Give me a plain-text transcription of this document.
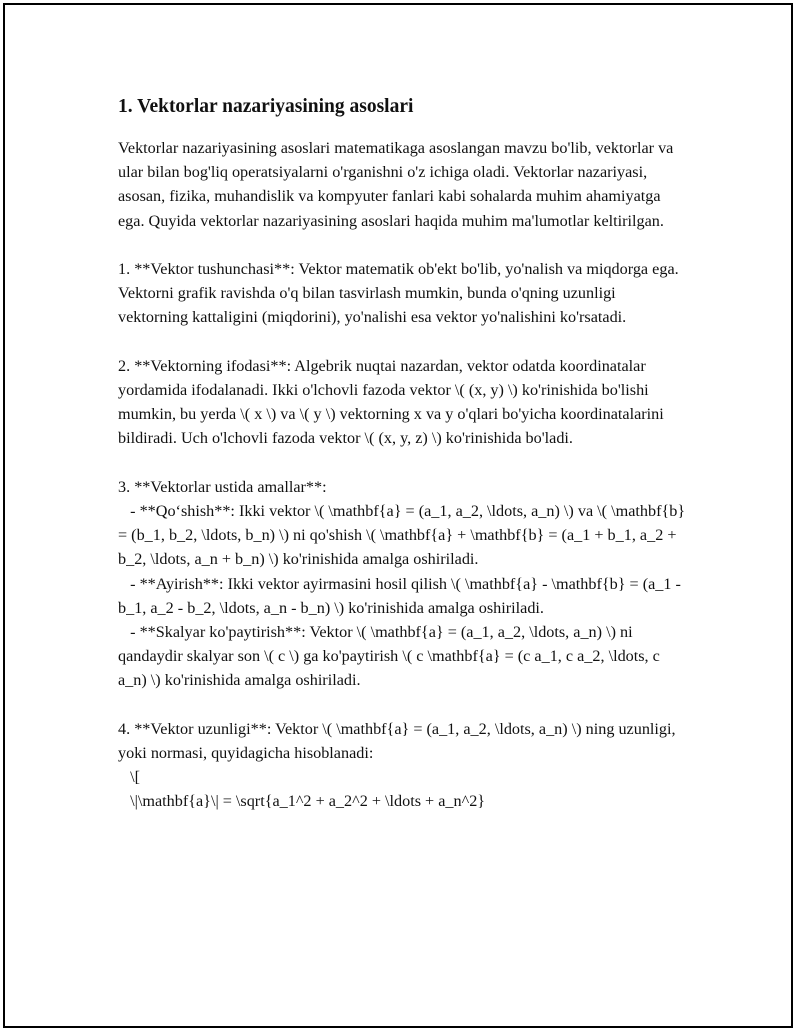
1. Vektorlar nazariyasining asoslari

Vektorlar nazariyasining asoslari matematikaga asoslangan mavzu bo'lib, vektorlar va ular bilan bog'liq operatsiyalarni o'rganishni o'z ichiga oladi. Vektorlar nazariyasi, asosan, fizika, muhandislik va kompyuter fanlari kabi sohalarda muhim ahamiyatga ega. Quyida vektorlar nazariyasining asoslari haqida muhim ma'lumotlar keltirilgan.

1. **Vektor tushunchasi**: Vektor matematik ob'ekt bo'lib, yo'nalish va miqdorga ega. Vektorni grafik ravishda o'q bilan tasvirlash mumkin, bunda o'qning uzunligi vektorning kattaligini (miqdorini), yo'nalishi esa vektor yo'nalishini ko'rsatadi.

2. **Vektorning ifodasi**: Algebrik nuqtai nazardan, vektor odatda koordinatalar yordamida ifodalanadi. Ikki o'lchovli fazoda vektor \( (x, y) \) ko'rinishida bo'lishi mumkin, bu yerda \( x \) va \( y \) vektorning x va y o'qlari bo'yicha koordinatalarini bildiradi. Uch o'lchovli fazoda vektor \( (x, y, z) \) ko'rinishida bo'ladi.

3. **Vektorlar ustida amallar**:

- **Qo‘shish**: Ikki vektor \( \mathbf{a} = (a_1, a_2, \ldots, a_n) \) va \( \mathbf{b} = (b_1, b_2, \ldots, b_n) \) ni qo'shish \( \mathbf{a} + \mathbf{b} = (a_1 + b_1, a_2 + b_2, \ldots, a_n + b_n) \) ko'rinishida amalga oshiriladi.

- **Ayirish**: Ikki vektor ayirmasini hosil qilish \( \mathbf{a} - \mathbf{b} = (a_1 - b_1, a_2 - b_2, \ldots, a_n - b_n) \) ko'rinishida amalga oshiriladi.

- **Skalyar ko'paytirish**: Vektor \( \mathbf{a} = (a_1, a_2, \ldots, a_n) \) ni qandaydir skalyar son \( c \) ga ko'paytirish \( c \mathbf{a} = (c a_1, c a_2, \ldots, c a_n) \) ko'rinishida amalga oshiriladi.

4. **Vektor uzunligi**: Vektor \( \mathbf{a} = (a_1, a_2, \ldots, a_n) \) ning uzunligi, yoki normasi, quyidagicha hisoblanadi:

\[

\|\mathbf{a}\| = \sqrt{a_1^2 + a_2^2 + \ldots + a_n^2}
